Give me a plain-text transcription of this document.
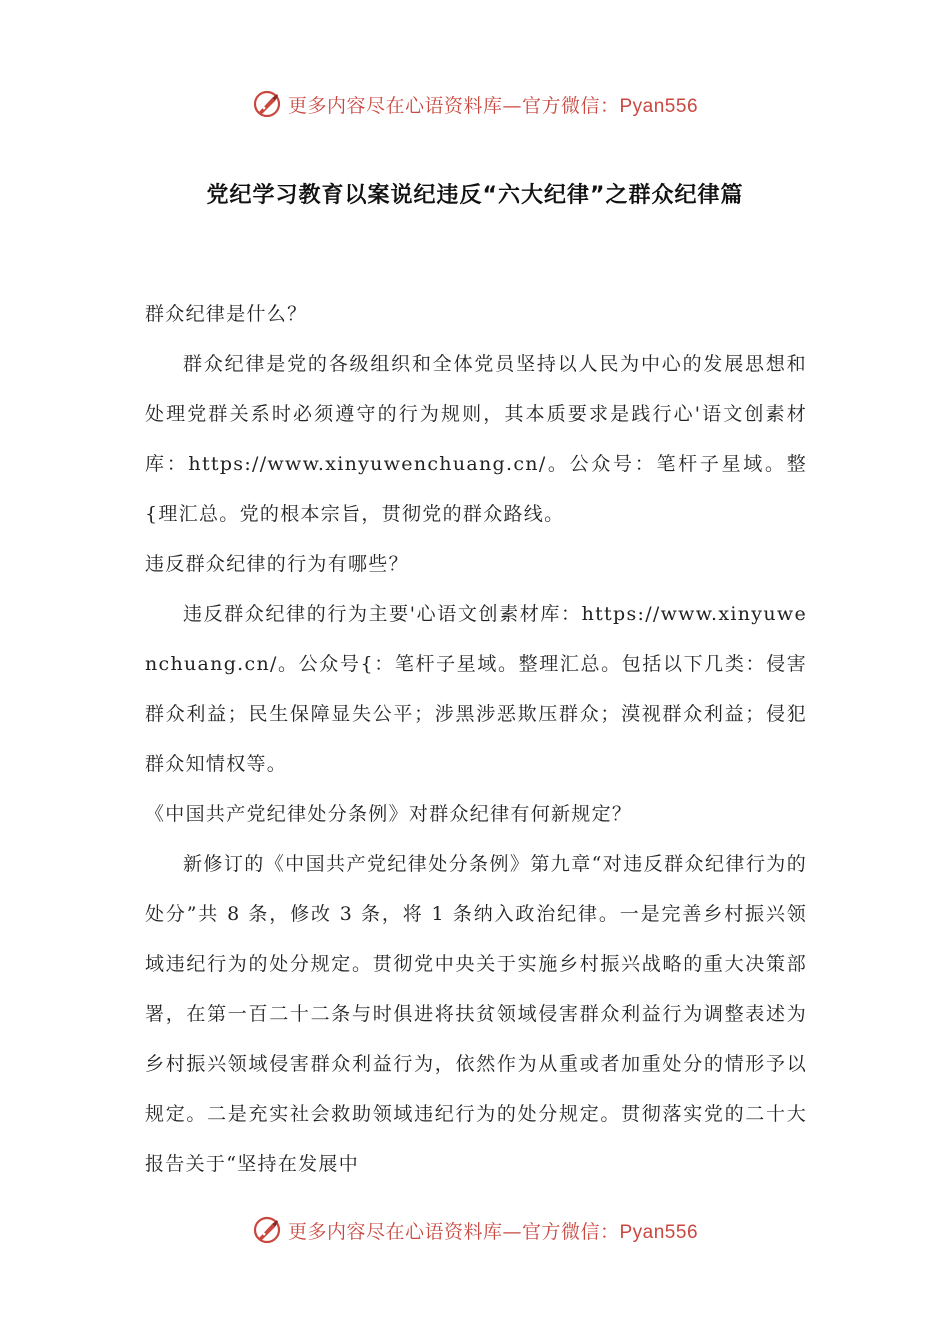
更多内容尽在心语资料库—官方微信：Pyan556
党纪学习教育以案说纪违反“六大纪律”之群众纪律篇

群众纪律是什么？

群众纪律是党的各级组织和全体党员坚持以人民为中心的发展思想和处理党群关系时必须遵守的行为规则，其本质要求是践行心'语文创素材库：https://www.xinyuwenchuang.cn/。公众号：笔杆子星域。整{理汇总。党的根本宗旨，贯彻党的群众路线。

违反群众纪律的行为有哪些？

违反群众纪律的行为主要'心语文创素材库：https://www.xinyuwenchuang.cn/。公众号{：笔杆子星域。整理汇总。包括以下几类：侵害群众利益；民生保障显失公平；涉黑涉恶欺压群众；漠视群众利益；侵犯群众知情权等。

《中国共产党纪律处分条例》对群众纪律有何新规定？

新修订的《中国共产党纪律处分条例》第九章“对违反群众纪律行为的处分”共 8 条，修改 3 条，将 1 条纳入政治纪律。一是完善乡村振兴领域违纪行为的处分规定。贯彻党中央关于实施乡村振兴战略的重大决策部署，在第一百二十二条与时俱进将扶贫领域侵害群众利益行为调整表述为乡村振兴领域侵害群众利益行为，依然作为从重或者加重处分的情形予以规定。二是充实社会救助领域违纪行为的处分规定。贯彻落实党的二十大报告关于“坚持在发展中

更多内容尽在心语资料库—官方微信：Pyan556
